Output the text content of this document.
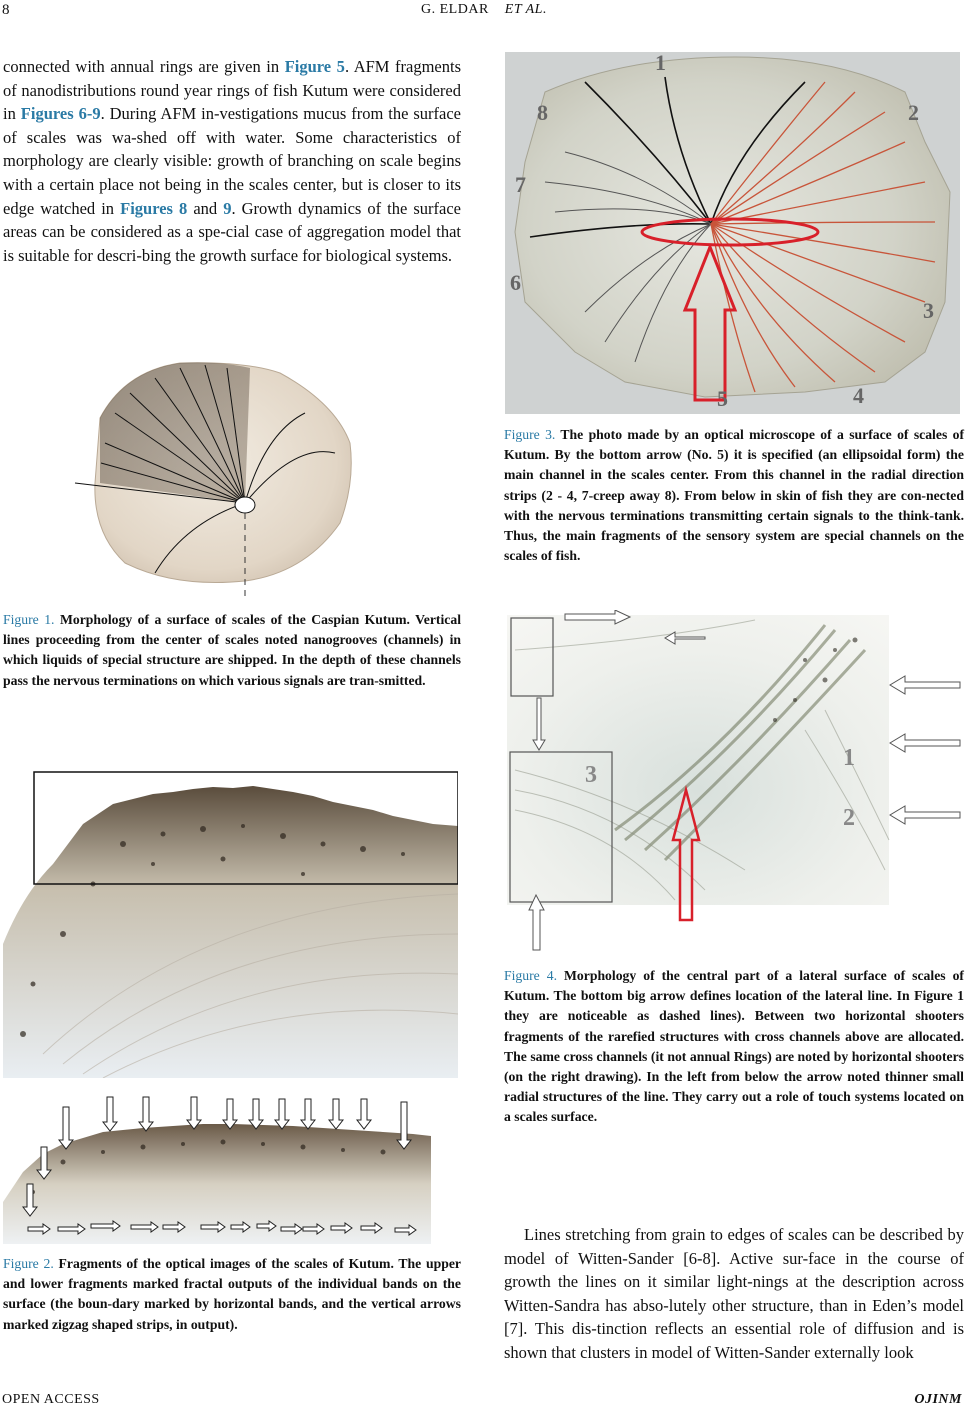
8	G. ELDAR ET AL.

connected with annual rings are given in Figure 5. AFM fragments of nanodistributions round year rings of fish Kutum were considered in Figures 6-9. During AFM in-vestigations mucus from the surface of scales was wa-shed off with water. Some characteristics of morphology are clearly visible: growth of branching on scale begins with a certain place not being in the scales center, but is closer to its edge watched in Figures 8 and 9. Growth dynamics of the surface areas can be considered as a spe-cial case of aggregation model that is suitable for descri-bing the growth surface for biological systems.

Figure 1. Morphology of a surface of scales of the Caspian Kutum. Vertical lines proceeding from the center of scales noted nanogrooves (channels) in which liquids of special structure are shipped. In the depth of these channels pass the nervous terminations on which various signals are tran-smitted.

Figure 2. Fragments of the optical images of the scales of Kutum. The upper and lower fragments marked fractal outputs of the individual bands on the surface (the boun-dary marked by horizontal bands, and the vertical arrows marked zigzag shaped strips, in output).

1
2
3
4
5
6
7
8

Figure 3. The photo made by an optical microscope of a surface of scales of Kutum. By the bottom arrow (No. 5) it is specified (an ellipsoidal form) the main channel in the scales center. From this channel in the radial direction strips (2 - 4, 7-creep away 8). From below in skin of fish they are con-nected with the nervous terminations transmitting certain signals to the think-tank. Thus, the main fragments of the sensory system are special channels on the scales of fish.

1
2
3

Figure 4. Morphology of the central part of a lateral surface of scales of Kutum. The bottom big arrow defines location of the lateral line. In Figure 1 they are noticeable as dashed lines). Between two horizontal shooters fragments of the rarefied structures with cross channels above are allocated. The same cross channels (it not annual Rings) are noted by horizontal shooters (on the right drawing). In the left from below the arrow noted thinner small radial structures of the line. They carry out a role of touch systems located on a scales surface.

Lines stretching from grain to edges of scales can be described by model of Witten-Sander [6-8]. Active sur-face in the course of growth the lines on it similar light-nings at the description across Witten-Sandra has abso-lutely other structure, than in Eden’s model [7]. This dis-tinction reflects an essential role of diffusion and is shown that clusters in model of Witten-Sander externally look

OPEN ACCESS	OJINM
